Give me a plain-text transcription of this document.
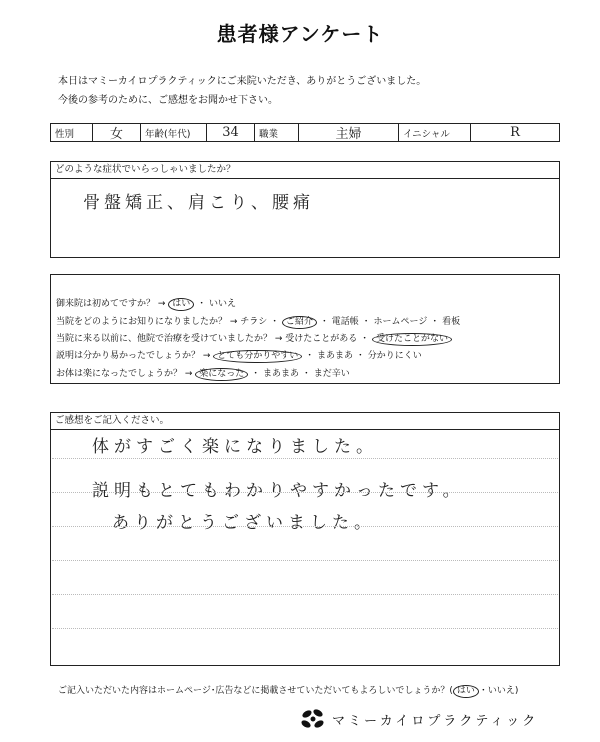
患者様アンケート
本日はマミーカイロプラクティックにご来院いただき、ありがとうございました。
今後の参考のために、ご感想をお聞かせ下さい。
性別	女	年齢(年代)	34	職業	主婦	イニシャル	R
どのような症状でいらっしゃいましたか？
骨盤矯正、肩こり、腰痛
御来院は初めてですか？ → はい ・ いいえ
当院をどのようにお知りになりましたか？ → チラシ ・ ご紹介 ・ 電話帳 ・ ホームページ ・ 看板
当院に来る以前に、他院で治療を受けていましたか？ → 受けたことがある ・ 受けたことがない
説明は分かり易かったでしょうか？ → とても分かりやすい ・ まあまあ ・ 分かりにくい
お体は楽になったでしょうか？ → 楽になった ・ まあまあ ・ まだ辛い
ご感想をご記入ください。
体がすごく楽になりました。
説明もとてもわかりやすかったです。
ありがとうございました。
ご記入いただいた内容はホームページ･広告などに掲載させていただいてもよろしいでしょうか？( はい ・いいえ)
マミーカイロプラクティック
